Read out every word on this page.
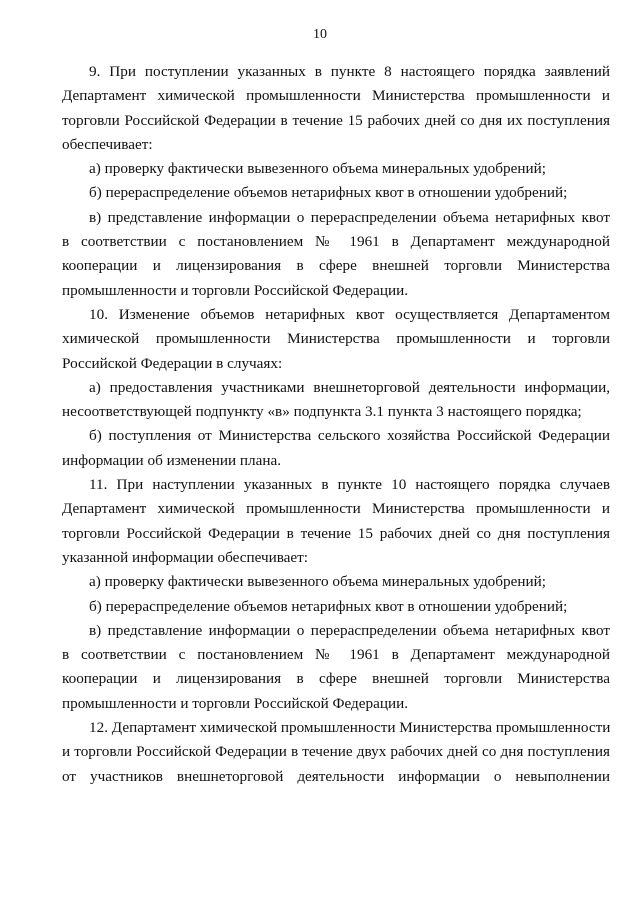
10
9. При поступлении указанных в пункте 8 настоящего порядка заявлений
Департамент химической промышленности Министерства промышленности и
торговли Российской Федерации в течение 15 рабочих дней со дня их поступления
обеспечивает:
а) проверку фактически вывезенного объема минеральных удобрений;
б) перераспределение объемов нетарифных квот в отношении удобрений;
в) представление информации о перераспределении объема нетарифных квот
в соответствии с постановлением № 1961 в Департамент международной
кооперации и лицензирования в сфере внешней торговли Министерства
промышленности и торговли Российской Федерации.
10. Изменение объемов нетарифных квот осуществляется Департаментом
химической промышленности Министерства промышленности и торговли
Российской Федерации в случаях:
а) предоставления участниками внешнеторговой деятельности информации,
несоответствующей подпункту «в» подпункта 3.1 пункта 3 настоящего порядка;
б) поступления от Министерства сельского хозяйства Российской Федерации
информации об изменении плана.
11. При наступлении указанных в пункте 10 настоящего порядка случаев
Департамент химической промышленности Министерства промышленности и
торговли Российской Федерации в течение 15 рабочих дней со дня поступления
указанной информации обеспечивает:
а) проверку фактически вывезенного объема минеральных удобрений;
б) перераспределение объемов нетарифных квот в отношении удобрений;
в) представление информации о перераспределении объема нетарифных квот
в соответствии с постановлением № 1961 в Департамент международной
кооперации и лицензирования в сфере внешней торговли Министерства
промышленности и торговли Российской Федерации.
12. Департамент химической промышленности Министерства промышленности
и торговли Российской Федерации в течение двух рабочих дней со дня поступления
от участников внешнеторговой деятельности информации о невыполнении
